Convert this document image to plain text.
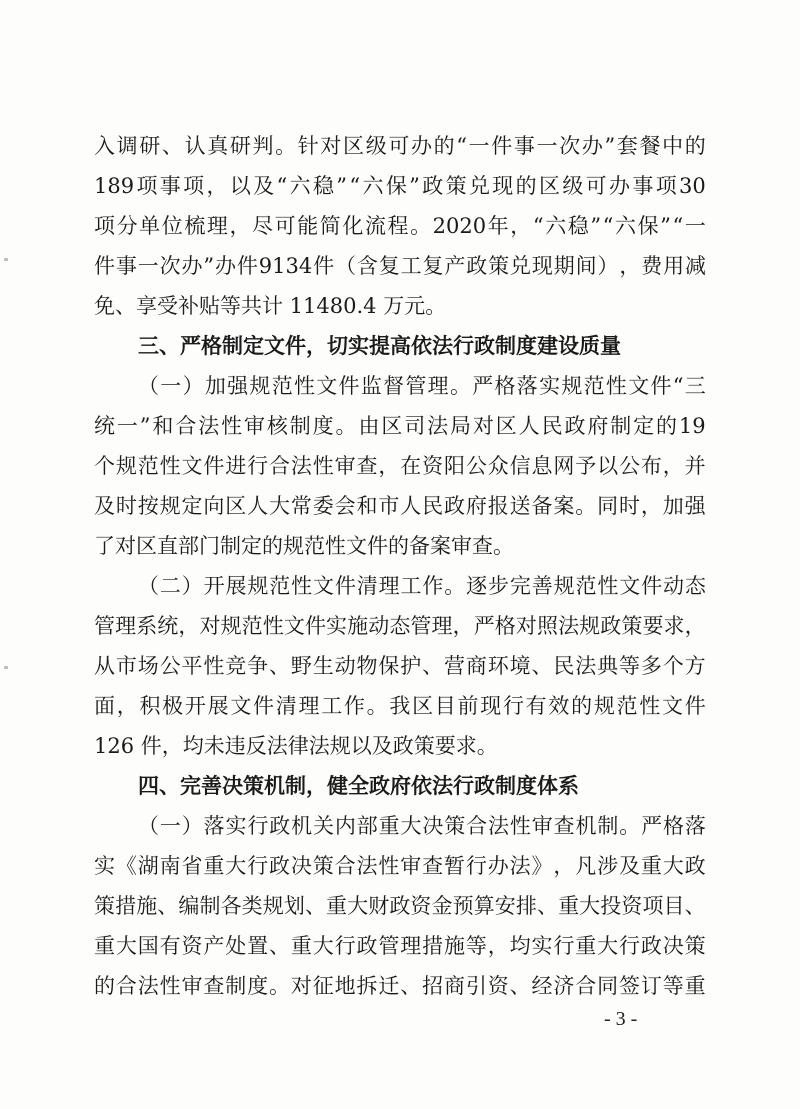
入 调 研 、 认 真 研 判 。 针 对 区 级 可 办 的 “ 一 件 事 一 次 办 ” 套 餐 中 的
189 项 事 项 ， 以 及 “ 六 稳 ” “ 六 保 ” 政 策 兑 现 的 区 级 可 办 事 项 30
项 分 单 位 梳 理 ， 尽 可 能 简 化 流 程 。 2020 年 ， “ 六 稳 ” “ 六 保 ” “ 一
件 事 一 次 办 ” 办 件 9134 件 （ 含 复 工 复 产 政 策 兑 现 期 间 ） ， 费 用 减
免、享受补贴等共计 11480.4 万元。
三、严格制定文件，切实提高依法行政制度建设质量
（ 一 ） 加 强 规 范 性 文 件 监 督 管 理 。 严 格 落 实 规 范 性 文 件 “ 三
统 一 ” 和 合 法 性 审 核 制 度 。 由 区 司 法 局 对 区 人 民 政 府 制 定 的 19
个 规 范 性 文 件 进 行 合 法 性 审 查 ， 在 资 阳 公 众 信 息 网 予 以 公 布 ， 并
及 时 按 规 定 向 区 人 大 常 委 会 和 市 人 民 政 府 报 送 备 案 。 同 时 ， 加 强
了对区直部门制定的规范性文件的备案审查。
（ 二 ） 开 展 规 范 性 文 件 清 理 工 作 。 逐 步 完 善 规 范 性 文 件 动 态
管 理 系 统 ， 对 规 范 性 文 件 实 施 动 态 管 理 ， 严 格 对 照 法 规 政 策 要 求 ，
从 市 场 公 平 性 竞 争 、 野 生 动 物 保 护 、 营 商 环 境 、 民 法 典 等 多 个 方
面 ， 积 极 开 展 文 件 清 理 工 作 。 我 区 目 前 现 行 有 效 的 规 范 性 文 件
126 件，均未违反法律法规以及政策要求。
四、完善决策机制，健全政府依法行政制度体系
（ 一 ） 落 实 行 政 机 关 内 部 重 大 决 策 合 法 性 审 查 机 制 。 严 格 落
实 《 湖 南 省 重 大 行 政 决 策 合 法 性 审 查 暂 行 办 法 》 ， 凡 涉 及 重 大 政
策 措 施 、 编 制 各 类 规 划 、 重 大 财 政 资 金 预 算 安 排 、 重 大 投 资 项 目 、
重 大 国 有 资 产 处 置 、 重 大 行 政 管 理 措 施 等 ， 均 实 行 重 大 行 政 决 策
的 合 法 性 审 查 制 度 。 对 征 地 拆 迁 、 招 商 引 资 、 经 济 合 同 签 订 等 重
- 3 -
